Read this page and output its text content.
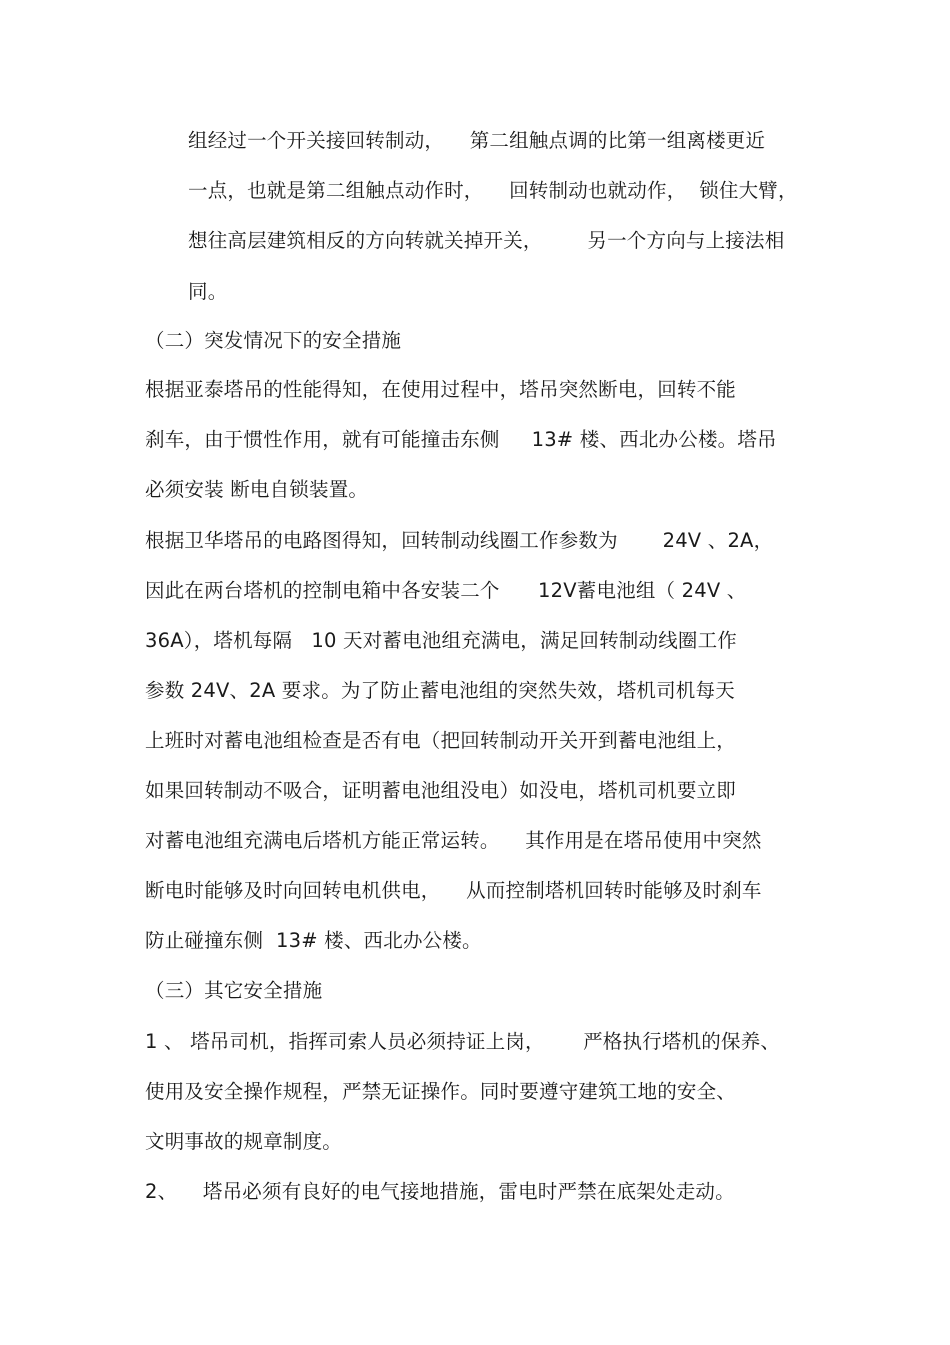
组经过一个开关接回转制动，    第二组触点调的比第一组离楼更近
一点，也就是第二组触点动作时，    回转制动也就动作，  锁住大臂，
想往高层建筑相反的方向转就关掉开关，       另一个方向与上接法相
同。
（二）突发情况下的安全措施
根据亚泰塔吊的性能得知，在使用过程中，塔吊突然断电，回转不能
刹车，由于惯性作用，就有可能撞击东侧     13# 楼、西北办公楼。塔吊
必须安装 断电自锁装置。
根据卫华塔吊的电路图得知，回转制动线圈工作参数为       24V 、2A，
因此在两台塔机的控制电箱中各安装二个      12Ⅴ蓄电池组（ 24V 、
36A），塔机每隔   10 天对蓄电池组充满电，满足回转制动线圈工作
参数 24V、2A 要求。为了防止蓄电池组的突然失效，塔机司机每天
上班时对蓄电池组检查是否有电（把回转制动开关开到蓄电池组上，
如果回转制动不吸合，证明蓄电池组没电）如没电，塔机司机要立即
对蓄电池组充满电后塔机方能正常运转。    其作用是在塔吊使用中突然
断电时能够及时向回转电机供电，    从而控制塔机回转时能够及时刹车
防止碰撞东侧  13# 楼、西北办公楼。
（三）其它安全措施
1 、 塔吊司机，指挥司索人员必须持证上岗，      严格执行塔机的保养、
使用及安全操作规程，严禁无证操作。同时要遵守建筑工地的安全、
文明事故的规章制度。
2、    塔吊必须有良好的电气接地措施，雷电时严禁在底架处走动。
